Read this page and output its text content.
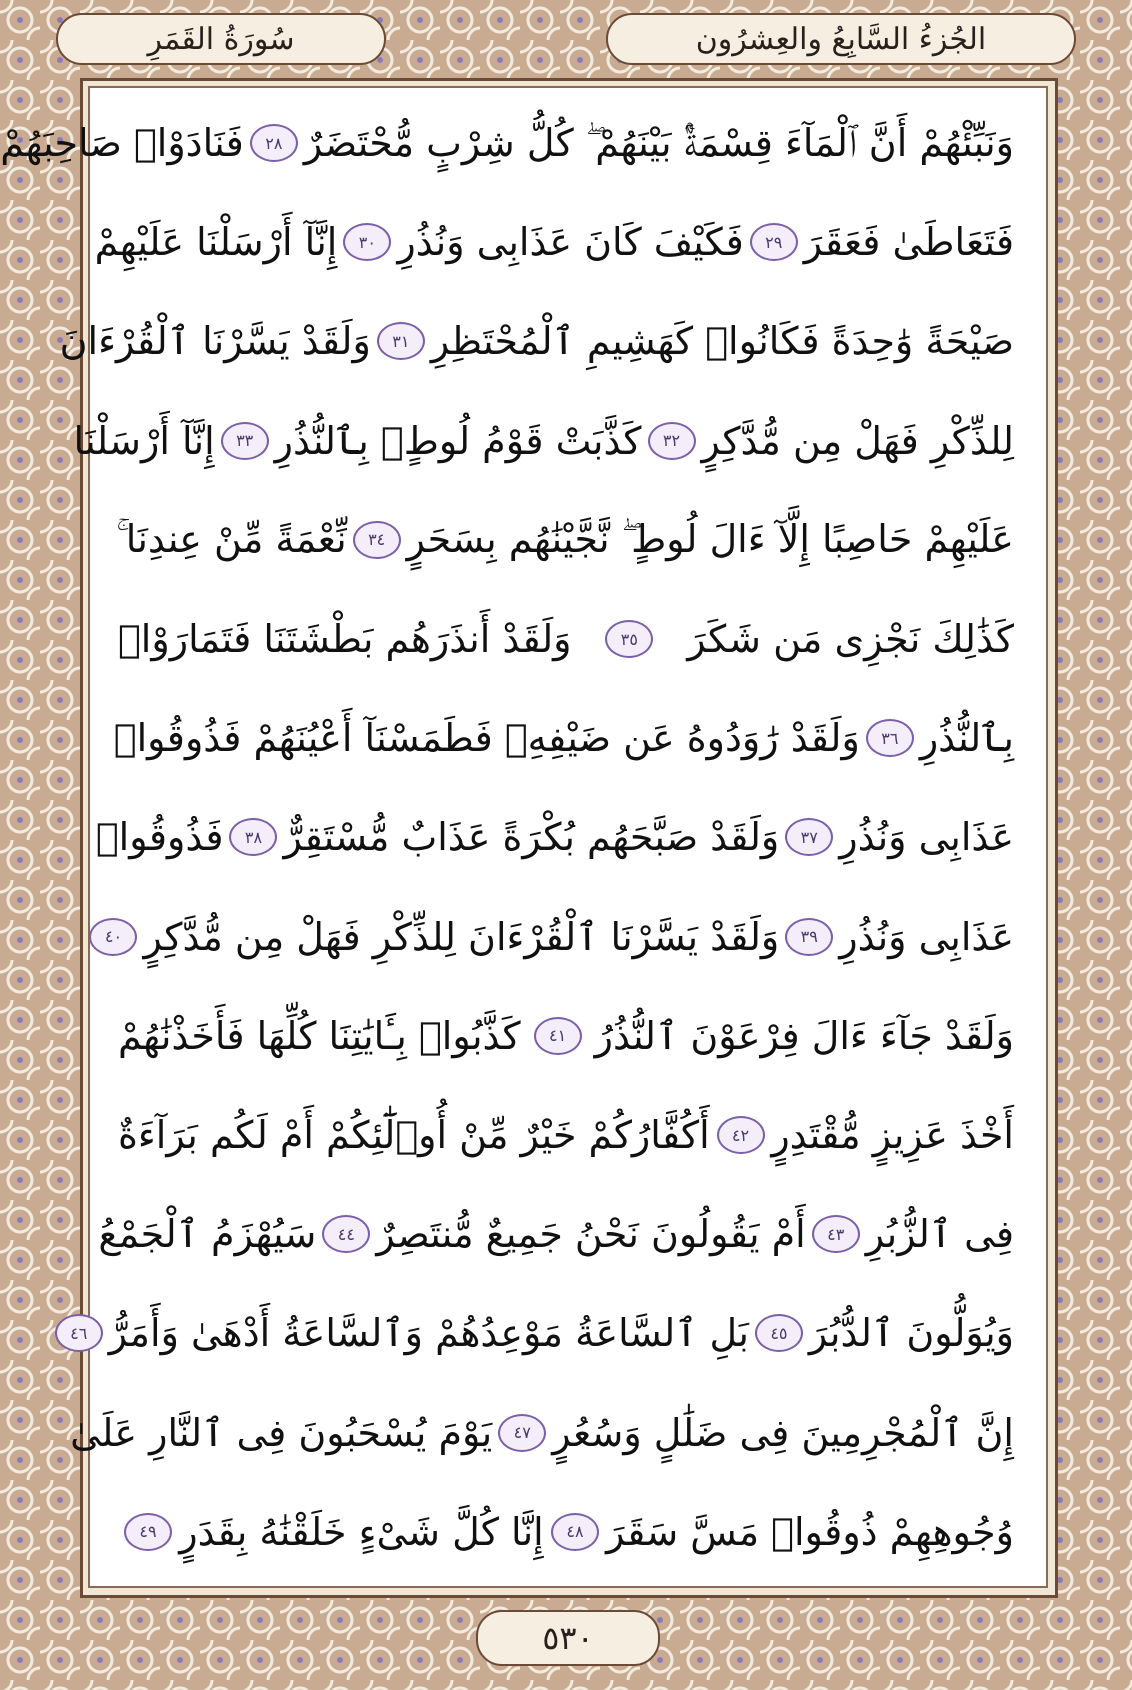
سُورَةُ القَمَرِ	الجُزءُ السَّابِعُ والعِشرُون
وَنَبِّئْهُمْ أَنَّ ٱلْمَآءَ قِسْمَةٌۢ بَيْنَهُمْ ۖ كُلُّ شِرْبٍ مُّحْتَضَرٌ
٢٨
فَنَادَوْا۟ صَاحِبَهُمْ
فَتَعَاطَىٰ فَعَقَرَ
٢٩
فَكَيْفَ كَانَ عَذَابِى وَنُذُرِ
٣٠
إِنَّآ أَرْسَلْنَا عَلَيْهِمْ
صَيْحَةً وَٰحِدَةً فَكَانُوا۟ كَهَشِيمِ ٱلْمُحْتَظِرِ
٣١
وَلَقَدْ يَسَّرْنَا ٱلْقُرْءَانَ
لِلذِّكْرِ فَهَلْ مِن مُّدَّكِرٍ
٣٢
كَذَّبَتْ قَوْمُ لُوطٍۭ بِٱلنُّذُرِ
٣٣
إِنَّآ أَرْسَلْنَا
عَلَيْهِمْ حَاصِبًا إِلَّآ ءَالَ لُوطٍ ۖ نَّجَّيْنَٰهُم بِسَحَرٍ
٣٤
نِّعْمَةً مِّنْ عِندِنَا ۚ
كَذَٰلِكَ نَجْزِى مَن شَكَرَ
٣٥
وَلَقَدْ أَنذَرَهُم بَطْشَتَنَا فَتَمَارَوْا۟
بِٱلنُّذُرِ
٣٦
وَلَقَدْ رَٰوَدُوهُ عَن ضَيْفِهِۦ فَطَمَسْنَآ أَعْيُنَهُمْ فَذُوقُوا۟
عَذَابِى وَنُذُرِ
٣٧
وَلَقَدْ صَبَّحَهُم بُكْرَةً عَذَابٌ مُّسْتَقِرٌّ
٣٨
فَذُوقُوا۟
عَذَابِى وَنُذُرِ
٣٩
وَلَقَدْ يَسَّرْنَا ٱلْقُرْءَانَ لِلذِّكْرِ فَهَلْ مِن مُّدَّكِرٍ
٤٠
وَلَقَدْ جَآءَ ءَالَ فِرْعَوْنَ ٱلنُّذُرُ
٤١
كَذَّبُوا۟ بِـَٔايَٰتِنَا كُلِّهَا فَأَخَذْنَٰهُمْ
أَخْذَ عَزِيزٍ مُّقْتَدِرٍ
٤٢
أَكُفَّارُكُمْ خَيْرٌ مِّنْ أُو۟لَٰٓئِكُمْ أَمْ لَكُم بَرَآءَةٌ
فِى ٱلزُّبُرِ
٤٣
أَمْ يَقُولُونَ نَحْنُ جَمِيعٌ مُّنتَصِرٌ
٤٤
سَيُهْزَمُ ٱلْجَمْعُ
وَيُوَلُّونَ ٱلدُّبُرَ
٤٥
بَلِ ٱلسَّاعَةُ مَوْعِدُهُمْ وَٱلسَّاعَةُ أَدْهَىٰ وَأَمَرُّ
٤٦
إِنَّ ٱلْمُجْرِمِينَ فِى ضَلَٰلٍ وَسُعُرٍ
٤٧
يَوْمَ يُسْحَبُونَ فِى ٱلنَّارِ عَلَىٰ
وُجُوهِهِمْ ذُوقُوا۟ مَسَّ سَقَرَ
٤٨
إِنَّا كُلَّ شَىْءٍ خَلَقْنَٰهُ بِقَدَرٍ
٤٩
٥٣٠
